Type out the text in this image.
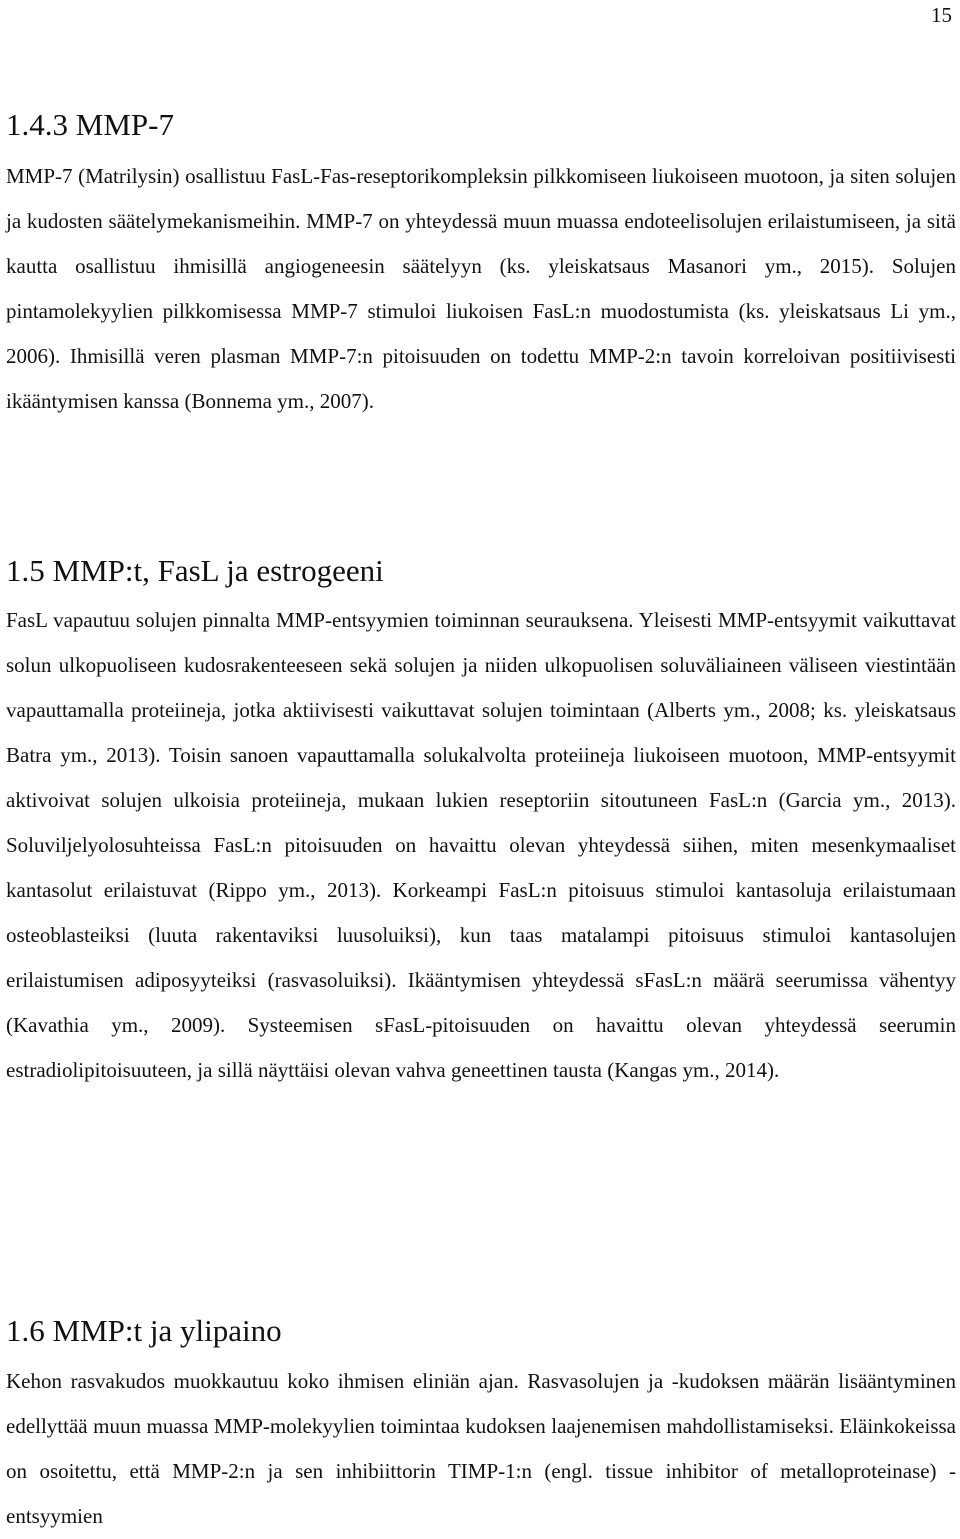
15
1.4.3 MMP-7

MMP-7 (Matrilysin) osallistuu FasL-Fas-reseptorikompleksin pilkkomiseen liukoiseen muotoon, ja siten solujen ja kudosten säätelymekanismeihin. MMP-7 on yhteydessä muun muassa endoteelisolujen erilaistumiseen, ja sitä kautta osallistuu ihmisillä angiogeneesin säätelyyn (ks. yleiskatsaus Masanori ym., 2015). Solujen pintamolekyylien pilkkomisessa MMP-7 stimuloi liukoisen FasL:n muodostumista (ks. yleiskatsaus Li ym., 2006). Ihmisillä veren plasman MMP-7:n pitoisuuden on todettu MMP-2:n tavoin korreloivan positiivisesti ikääntymisen kanssa (Bonnema ym., 2007).

1.5 MMP:t, FasL ja estrogeeni

FasL vapautuu solujen pinnalta MMP-entsyymien toiminnan seurauksena. Yleisesti MMP-entsyymit vaikuttavat solun ulkopuoliseen kudosrakenteeseen sekä solujen ja niiden ulkopuolisen soluväliaineen väliseen viestintään vapauttamalla proteiineja, jotka aktiivisesti vaikuttavat solujen toimintaan (Alberts ym., 2008; ks. yleiskatsaus Batra ym., 2013). Toisin sanoen vapauttamalla solukalvolta proteiineja liukoiseen muotoon, MMP-entsyymit aktivoivat solujen ulkoisia proteiineja, mukaan lukien reseptoriin sitoutuneen FasL:n (Garcia ym., 2013). Soluviljelyolosuhteissa FasL:n pitoisuuden on havaittu olevan yhteydessä siihen, miten mesenkymaaliset kantasolut erilaistuvat (Rippo ym., 2013). Korkeampi FasL:n pitoisuus stimuloi kantasoluja erilaistumaan osteoblasteiksi (luuta rakentaviksi luusoluiksi), kun taas matalampi pitoisuus stimuloi kantasolujen erilaistumisen adiposyyteiksi (rasvasoluiksi). Ikääntymisen yhteydessä sFasL:n määrä seerumissa vähentyy (Kavathia ym., 2009). Systeemisen sFasL-pitoisuuden on havaittu olevan yhteydessä seerumin estradiolipitoisuuteen, ja sillä näyttäisi olevan vahva geneettinen tausta (Kangas ym., 2014).

1.6 MMP:t ja ylipaino

Kehon rasvakudos muokkautuu koko ihmisen eliniän ajan. Rasvasolujen ja -kudoksen määrän lisääntyminen edellyttää muun muassa MMP-molekyylien toimintaa kudoksen laajenemisen mahdollistamiseksi. Eläinkokeissa on osoitettu, että MMP-2:n ja sen inhibiittorin TIMP-1:n (engl. tissue inhibitor of metalloproteinase) -entsyymien
